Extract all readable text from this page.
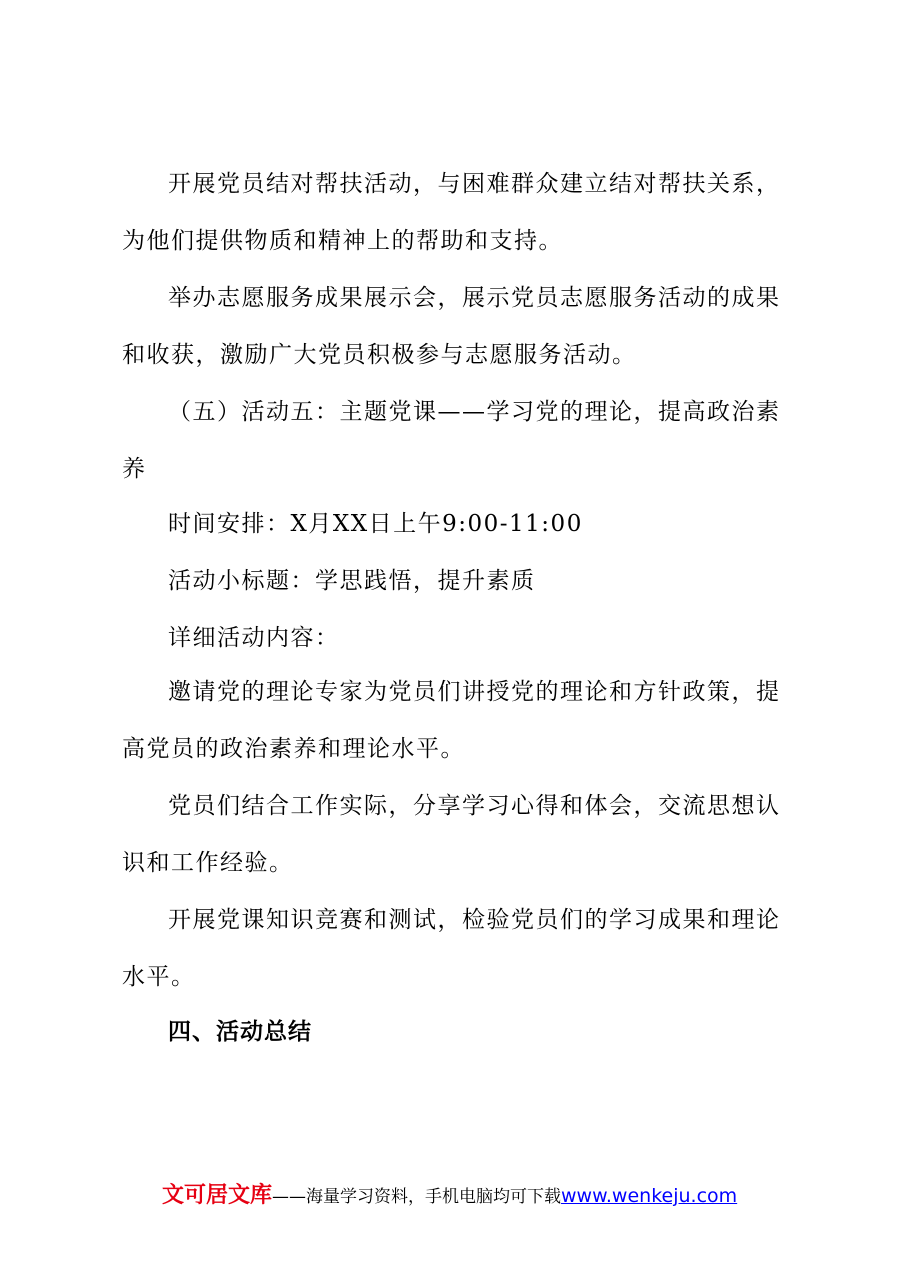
开展党员结对帮扶活动，与困难群众建立结对帮扶关系，为他们提供物质和精神上的帮助和支持。

举办志愿服务成果展示会，展示党员志愿服务活动的成果和收获，激励广大党员积极参与志愿服务活动。

（五）活动五：主题党课——学习党的理论，提高政治素养

时间安排：X月XX日上午9:00-11:00

活动小标题：学思践悟，提升素质

详细活动内容：

邀请党的理论专家为党员们讲授党的理论和方针政策，提高党员的政治素养和理论水平。

党员们结合工作实际，分享学习心得和体会，交流思想认识和工作经验。

开展党课知识竞赛和测试，检验党员们的学习成果和理论水平。

四、活动总结

文可居文库——海量学习资料，手机电脑均可下载www.wenkeju.com
